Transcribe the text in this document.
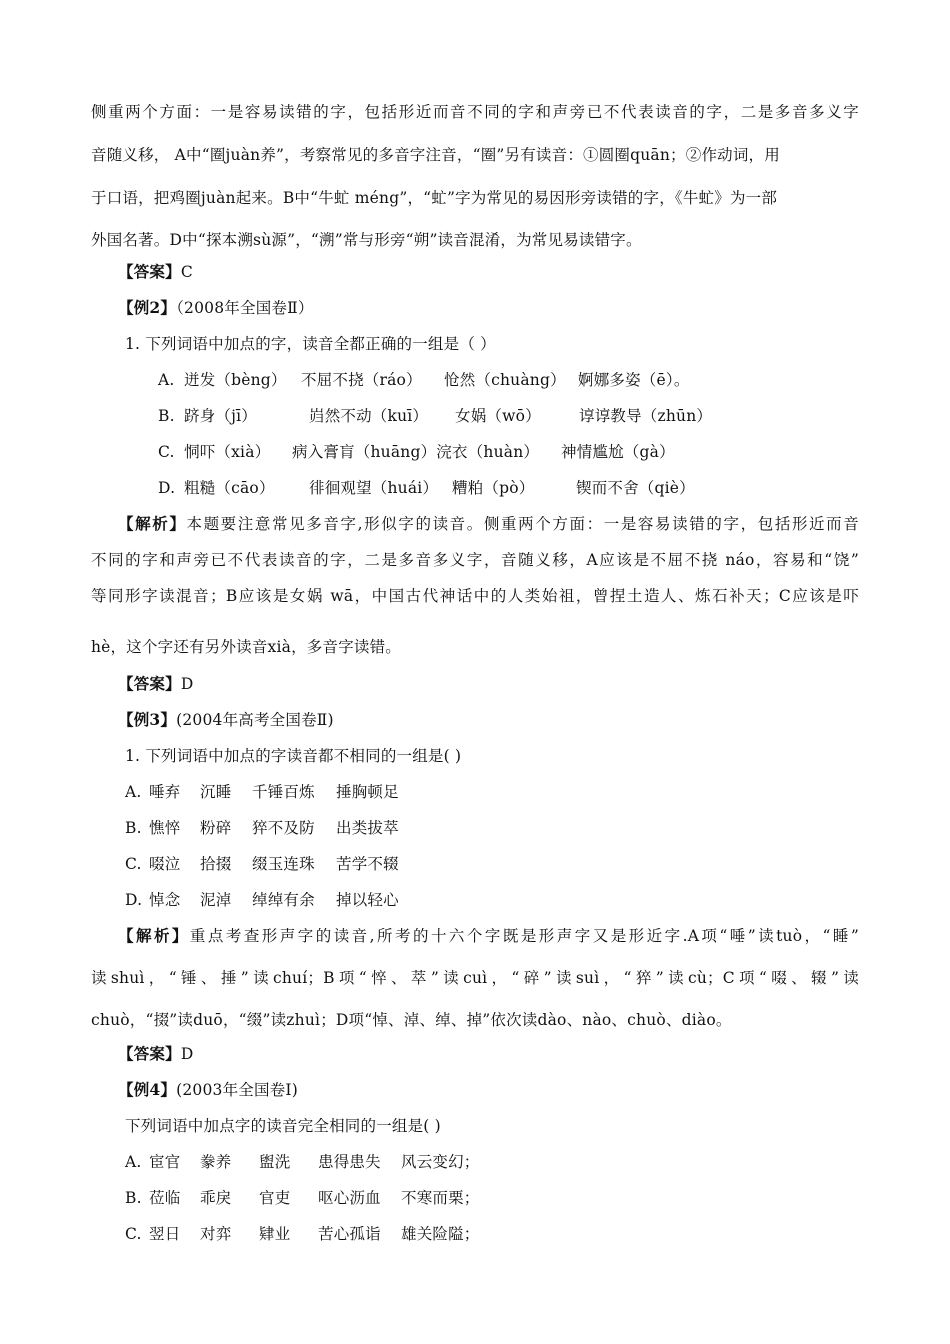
侧重两个方面：一是容易读错的字，包括形近而音不同的字和声旁已不代表读音的字，二是多音多义字
音随义移， A中“圈juàn养”，考察常见的多音字注音，“圈”另有读音：①圆圈quān；②作动词，用
于口语，把鸡圈juàn起来。B中“牛虻 méng”，“虻”字为常见的易因形旁读错的字，《牛虻》为一部
外国名著。D中“探本溯sù源”，“溯”常与形旁“朔”读音混淆，为常见易读错字。
【答案】C
【例2】（2008年全国卷Ⅱ）
1. 下列词语中加点的字，读音全都正确的一组是（ ）
A. 迸发（bèng） 不屈不挠（ráo） 怆然（chuàng） 婀娜多姿（ē）。
B. 跻身（jī）	岿然不动（kuī） 女娲（wō） 谆谆教导（zhūn）
C. 恫吓（xià） 病入膏肓（huāng）浣衣（huàn） 神情尴尬（gà）
D. 粗糙（cāo） 徘徊观望（huái） 糟粕（pò）	锲而不舍（qiè）
【解析】本题要注意常见多音字,形似字的读音。侧重两个方面：一是容易读错的字，包括形近而音
不同的字和声旁已不代表读音的字，二是多音多义字，音随义移，A应该是不屈不挠 náo，容易和“饶”
等同形字读混音；B应该是女娲 wā，中国古代神话中的人类始祖，曾捏土造人、炼石补天；C应该是吓
hè，这个字还有另外读音xià，多音字读错。
【答案】D
【例3】(2004年高考全国卷Ⅱ)
1. 下列词语中加点的字读音都不相同的一组是( )
A. 唾弃 沉睡 千锤百炼 捶胸顿足
B. 憔悴 粉碎 猝不及防 出类拔萃
C. 啜泣 拾掇 缀玉连珠 苦学不辍
D. 悼念 泥淖 绰绰有余 掉以轻心
【解析】重点考查形声字的读音,所考的十六个字既是形声字又是形近字.A项“唾”读tuò，“睡”
读shuì，“锤、捶”读chuí；B项“悴、萃”读cuì，“碎”读suì，“猝”读cù；C项“啜、辍”读
chuò，“掇”读duō，“缀”读zhuì；D项“悼、淖、绰、掉”依次读dào、nào、chuò、diào。
【答案】D
【例4】(2003年全国卷Ⅰ)
下列词语中加点字的读音完全相同的一组是( )
A. 宦官 豢养 盥洗 患得患失 风云变幻；
B. 莅临 乖戾 官吏 呕心沥血 不寒而栗；
C. 翌日 对弈 肄业 苦心孤诣 雄关险隘；
